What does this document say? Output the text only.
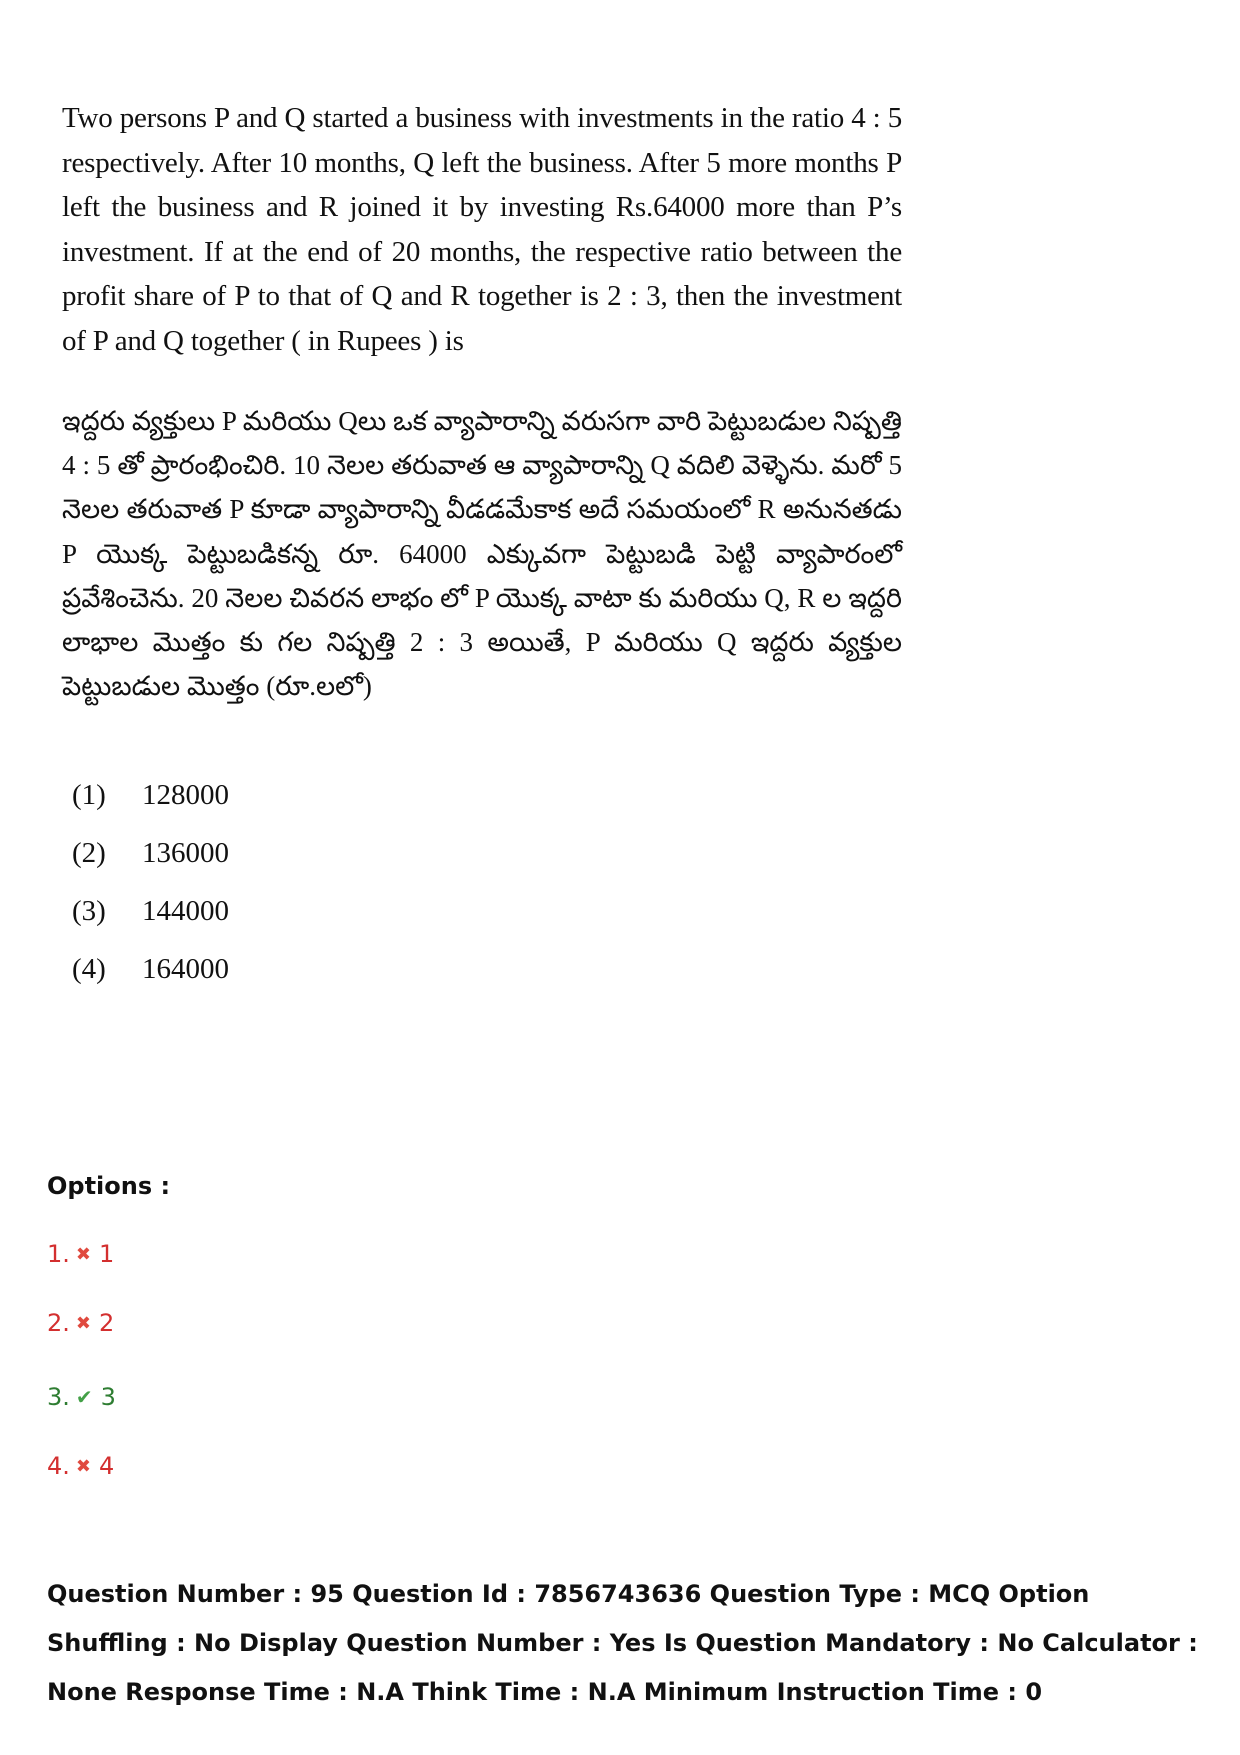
Two persons P and Q started a business with investments in the ratio 4 : 5 respectively. After 10 months, Q left the business. After 5 more months P left the business and R joined it by investing Rs.64000 more than P’s investment. If at the end of 20 months, the respective ratio between the profit share of P to that of Q and R together is 2 : 3, then the investment of P and Q together ( in Rupees ) is

ఇద్దరు వ్యక్తులు P మరియు Qలు ఒక వ్యాపారాన్ని వరుసగా వారి పెట్టుబడుల నిష్పత్తి 4 : 5 తో ప్రారంభించిరి. 10 నెలల తరువాత ఆ వ్యాపారాన్ని Q వదిలి వెళ్ళెను. మరో 5 నెలల తరువాత P కూడా వ్యాపారాన్ని వీడడమేకాక అదే సమయంలో R అనునతడు P యొక్క పెట్టుబడికన్న రూ. 64000 ఎక్కువగా పెట్టుబడి పెట్టి వ్యాపారంలో ప్రవేశించెను. 20 నెలల చివరన లాభం లో P యొక్క వాటా కు మరియు Q, R ల ఇద్దరి లాభాల మొత్తం కు గల నిష్పత్తి 2 : 3 అయితే, P మరియు Q ఇద్దరు వ్యక్తుల పెట్టుబడుల మొత్తం (రూ.లలో)

(1)	128000
(2)	136000
(3)	144000
(4)	164000
Options :
1. ✖ 1
2. ✖ 2
3. ✔ 3
4. ✖ 4
Question Number : 95 Question Id : 7856743636 Question Type : MCQ Option Shuffling : No Display Question Number : Yes Is Question Mandatory : No Calculator : None Response Time : N.A Think Time : N.A Minimum Instruction Time : 0
